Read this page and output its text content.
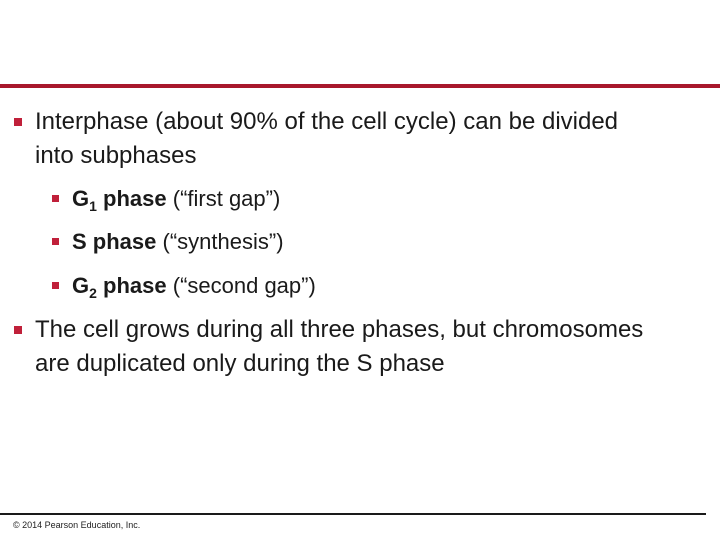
Interphase (about 90% of the cell cycle) can be divided into subphases
$G_1$ phase (“first gap”)
S phase (“synthesis”)
$G_2$ phase (“second gap”)
The cell grows during all three phases, but chromosomes are duplicated only during the S phase
© 2014 Pearson Education, Inc.
